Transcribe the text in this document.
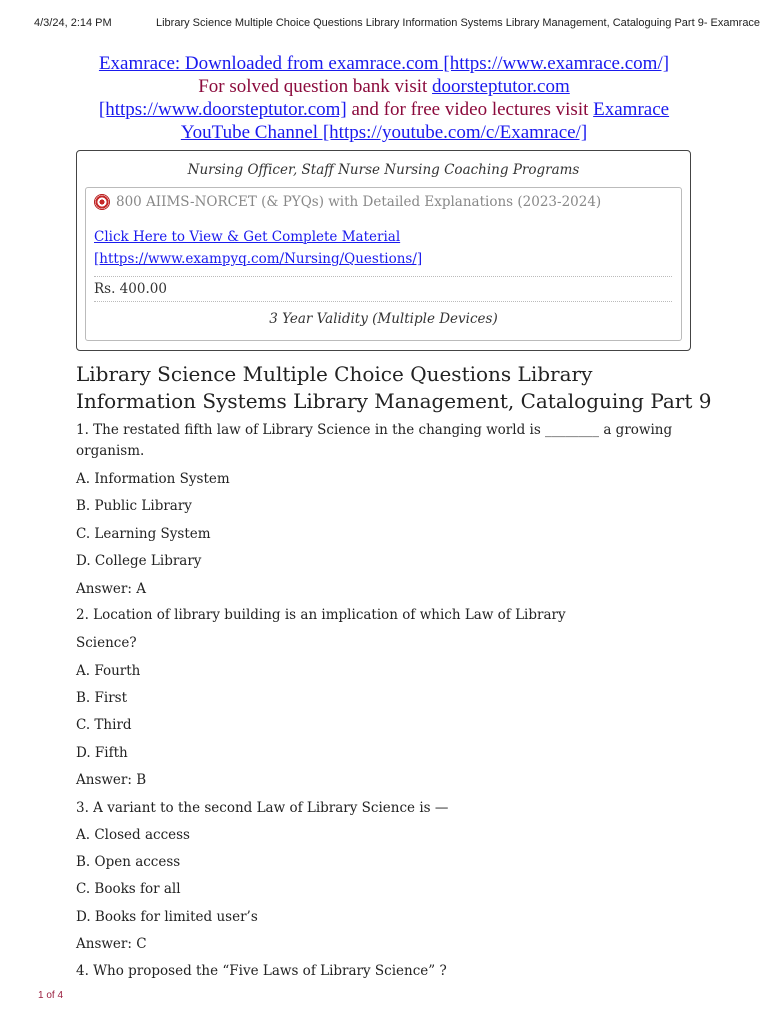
4/3/24, 2:14 PM	Library Science Multiple Choice Questions Library Information Systems Library Management, Cataloguing Part 9- Examrace
Examrace: Downloaded from examrace.com [https://www.examrace.com/]
For solved question bank visit doorsteptutor.com
[https://www.doorsteptutor.com] and for free video lectures visit Examrace
YouTube Channel [https://youtube.com/c/Examrace/]
Nursing Officer, Staff Nurse Nursing Coaching Programs
800 AIIMS-NORCET (& PYQs) with Detailed Explanations (2023-2024)
Click Here to View & Get Complete Material
[https://www.exampyq.com/Nursing/Questions/]
Rs. 400.00
3 Year Validity (Multiple Devices)
Library Science Multiple Choice Questions Library
Information Systems Library Management, Cataloguing Part 9
1. The restated fifth law of Library Science in the changing world is ________ a growing
organism.
A. Information System
B. Public Library
C. Learning System
D. College Library
Answer: A
2. Location of library building is an implication of which Law of Library
Science?
A. Fourth
B. First
C. Third
D. Fifth
Answer: B
3. A variant to the second Law of Library Science is —
A. Closed access
B. Open access
C. Books for all
D. Books for limited user’s
Answer: C
4. Who proposed the “Five Laws of Library Science” ?
1 of 4
